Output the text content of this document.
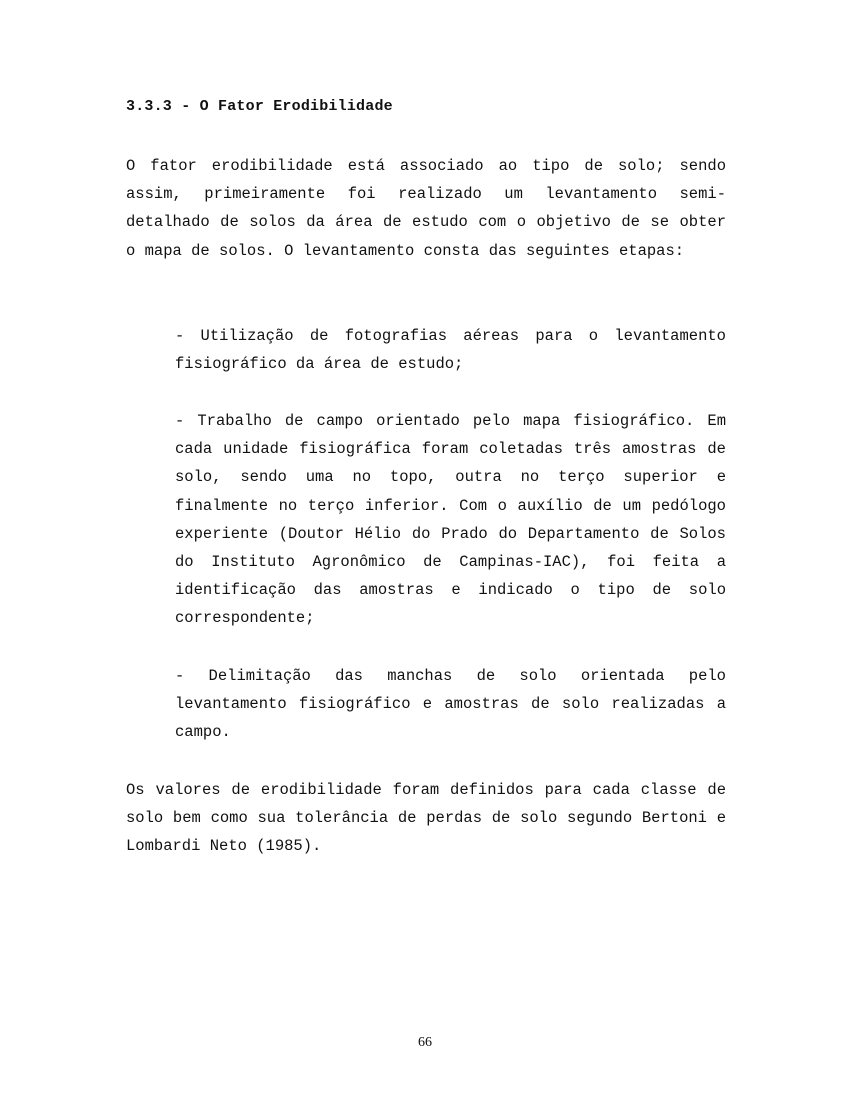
3.3.3 - O Fator Erodibilidade

O fator erodibilidade está associado ao tipo de solo; sendo assim, primeiramente foi realizado um levantamento semi-detalhado de solos da área de estudo com o objetivo de se obter o mapa de solos. O levantamento consta das seguintes etapas:

- Utilização de fotografias aéreas para o levantamento fisiográfico da área de estudo;

- Trabalho de campo orientado pelo mapa fisiográfico. Em cada unidade fisiográfica foram coletadas três amostras de solo, sendo uma no topo, outra no terço superior e finalmente no terço inferior. Com o auxílio de um pedólogo experiente (Doutor Hélio do Prado do Departamento de Solos do Instituto Agronômico de Campinas-IAC), foi feita a identificação das amostras e indicado o tipo de solo correspondente;

- Delimitação das manchas de solo orientada pelo levantamento fisiográfico e amostras de solo realizadas a campo.

Os valores de erodibilidade foram definidos para cada classe de solo bem como sua tolerância de perdas de solo segundo Bertoni e Lombardi Neto (1985).

66
